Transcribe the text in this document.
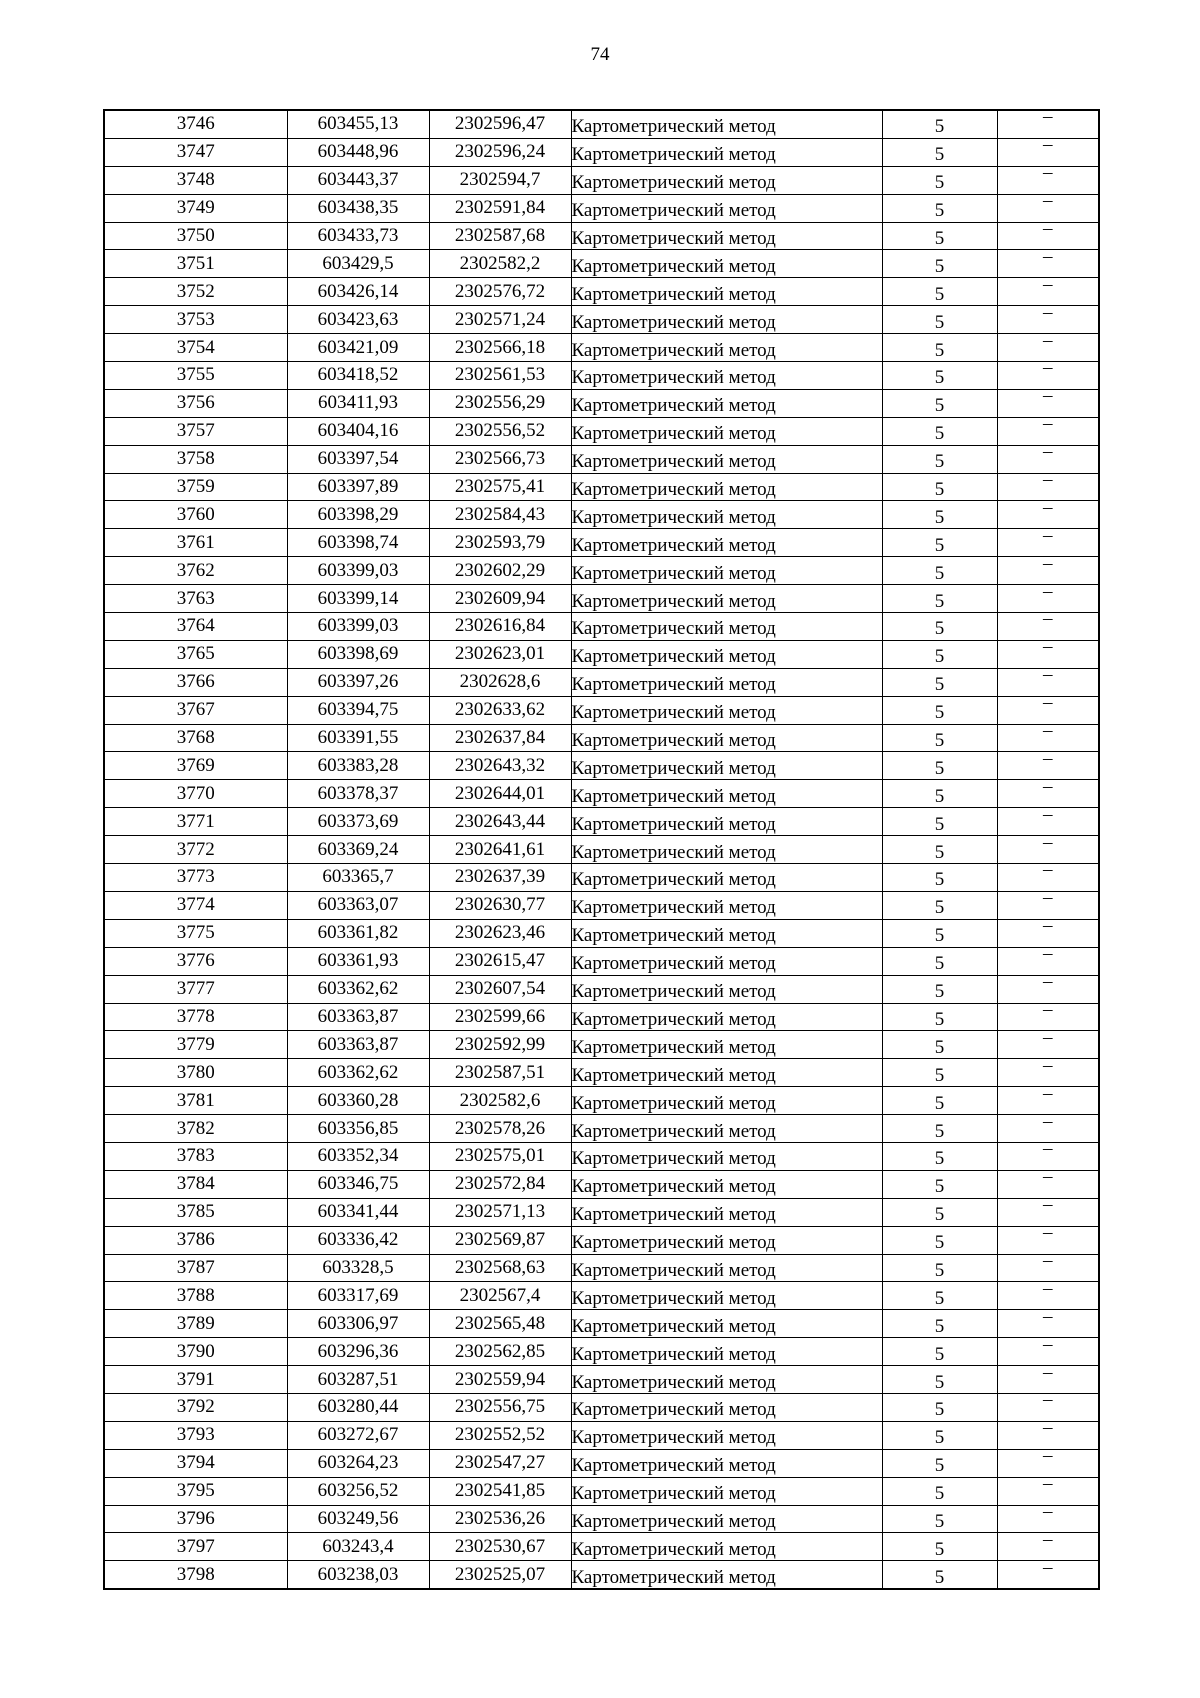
74
3746	603455,13	2302596,47	Картометрический метод	5	–
3747	603448,96	2302596,24	Картометрический метод	5	–
3748	603443,37	2302594,7	Картометрический метод	5	–
3749	603438,35	2302591,84	Картометрический метод	5	–
3750	603433,73	2302587,68	Картометрический метод	5	–
3751	603429,5	2302582,2	Картометрический метод	5	–
3752	603426,14	2302576,72	Картометрический метод	5	–
3753	603423,63	2302571,24	Картометрический метод	5	–
3754	603421,09	2302566,18	Картометрический метод	5	–
3755	603418,52	2302561,53	Картометрический метод	5	–
3756	603411,93	2302556,29	Картометрический метод	5	–
3757	603404,16	2302556,52	Картометрический метод	5	–
3758	603397,54	2302566,73	Картометрический метод	5	–
3759	603397,89	2302575,41	Картометрический метод	5	–
3760	603398,29	2302584,43	Картометрический метод	5	–
3761	603398,74	2302593,79	Картометрический метод	5	–
3762	603399,03	2302602,29	Картометрический метод	5	–
3763	603399,14	2302609,94	Картометрический метод	5	–
3764	603399,03	2302616,84	Картометрический метод	5	–
3765	603398,69	2302623,01	Картометрический метод	5	–
3766	603397,26	2302628,6	Картометрический метод	5	–
3767	603394,75	2302633,62	Картометрический метод	5	–
3768	603391,55	2302637,84	Картометрический метод	5	–
3769	603383,28	2302643,32	Картометрический метод	5	–
3770	603378,37	2302644,01	Картометрический метод	5	–
3771	603373,69	2302643,44	Картометрический метод	5	–
3772	603369,24	2302641,61	Картометрический метод	5	–
3773	603365,7	2302637,39	Картометрический метод	5	–
3774	603363,07	2302630,77	Картометрический метод	5	–
3775	603361,82	2302623,46	Картометрический метод	5	–
3776	603361,93	2302615,47	Картометрический метод	5	–
3777	603362,62	2302607,54	Картометрический метод	5	–
3778	603363,87	2302599,66	Картометрический метод	5	–
3779	603363,87	2302592,99	Картометрический метод	5	–
3780	603362,62	2302587,51	Картометрический метод	5	–
3781	603360,28	2302582,6	Картометрический метод	5	–
3782	603356,85	2302578,26	Картометрический метод	5	–
3783	603352,34	2302575,01	Картометрический метод	5	–
3784	603346,75	2302572,84	Картометрический метод	5	–
3785	603341,44	2302571,13	Картометрический метод	5	–
3786	603336,42	2302569,87	Картометрический метод	5	–
3787	603328,5	2302568,63	Картометрический метод	5	–
3788	603317,69	2302567,4	Картометрический метод	5	–
3789	603306,97	2302565,48	Картометрический метод	5	–
3790	603296,36	2302562,85	Картометрический метод	5	–
3791	603287,51	2302559,94	Картометрический метод	5	–
3792	603280,44	2302556,75	Картометрический метод	5	–
3793	603272,67	2302552,52	Картометрический метод	5	–
3794	603264,23	2302547,27	Картометрический метод	5	–
3795	603256,52	2302541,85	Картометрический метод	5	–
3796	603249,56	2302536,26	Картометрический метод	5	–
3797	603243,4	2302530,67	Картометрический метод	5	–
3798	603238,03	2302525,07	Картометрический метод	5	–
